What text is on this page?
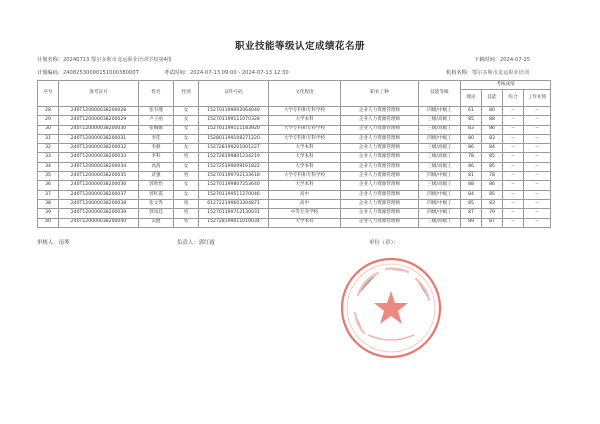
职业技能等级认定成绩花名册
计划名称：20240713 鄂尔多斯市龙运职业培训学校第4批	下载时间：2024-07-25
计划编码：2408253000015100038000T	考试时间：2024-07-13 09:00 - 2024-07-13 12:30	机构名称：鄂尔多斯市龙运职业培训
序号	准考证号	姓名	性别	证件号码	文化程度	职业工种	技能等级	考核成绩			
								理论	技能	综合	工作业绩
28	240T120000038200028	张有瑾	女	152701199002064040	大学专科和专科学校	企业人力资源管理师	四级/中级工	61	80	--	--
29	240T120000038200029	卢子函	女	152701199111070328	大学本科	企业人力资源管理师	三级/高级工	85	88	--	--
30	240T120000038200030	张娜娜	女	152701199111183920	大学专科和专科学校	企业人力资源管理师	三级/高级工	83	86	--	--
31	240T120000038200031	李佳	女	152801199108271220	大学专科和专科学校	企业人力资源管理师	四级/中级工	80	83	--	--
32	240T120000038200032	李静	女	152728199201001227	大学本科	企业人力资源管理师	三级/高级工	86	84	--	--
33	240T120000038200033	李科	男	152728199801234219	大学本科	企业人力资源管理师	三级/高级工	78	85	--	--
34	240T120000038200034	高茜	女	152725199009161822	大学本科	企业人力资源管理师	三级/高级工	86	85	--	--
35	240T120000038200035	武强	男	152701199702133618	大学专科和专科学校	企业人力资源管理师	四级/中级工	81	78	--	--
36	240T120000038200036	郭欣怡	女	152701199807253640	大学本科	企业人力资源管理师	三级/高级工	88	86	--	--
37	240T120000038200037	郭红霞	女	152701199511270046	高中	企业人力资源管理师	四级/中级工	84	85	--	--
38	240T120000038200038	张文秀	男	612722199603304871	高中	企业人力资源管理师	四级/中级工	85	83	--	--
39	240T120000038200039	郭凤廷	男	152701199712130031	中等专业学校	企业人力资源管理师	四级/中级工	87	79	--	--
40	240T120000038200040	吴健	男	152728199011010034	大学本科	企业人力资源管理师	三级/高级工	89	87	--	--
审核人：南琴	负责人：郭红霞	单位（章）：
